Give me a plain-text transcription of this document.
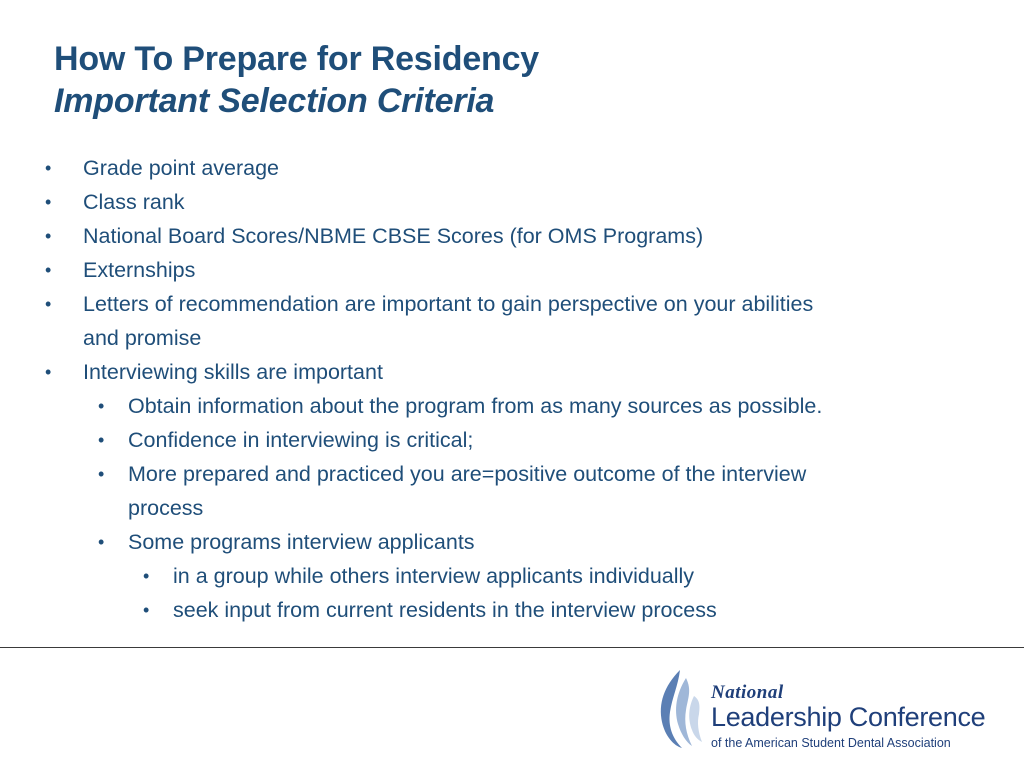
How To Prepare for Residency
Important Selection Criteria
• Grade point average
• Class rank
• National Board Scores/NBME CBSE Scores (for OMS Programs)
• Externships
• Letters of recommendation are important to gain perspective on your abilities
and promise
• Interviewing skills are important
• Obtain information about the program from as many sources as possible.
• Confidence in interviewing is critical;
• More prepared and practiced you are=positive outcome of the interview
process
• Some programs interview applicants
• in a group while others interview applicants individually
• seek input from current residents in the interview process
National
Leadership Conference
of the American Student Dental Association
